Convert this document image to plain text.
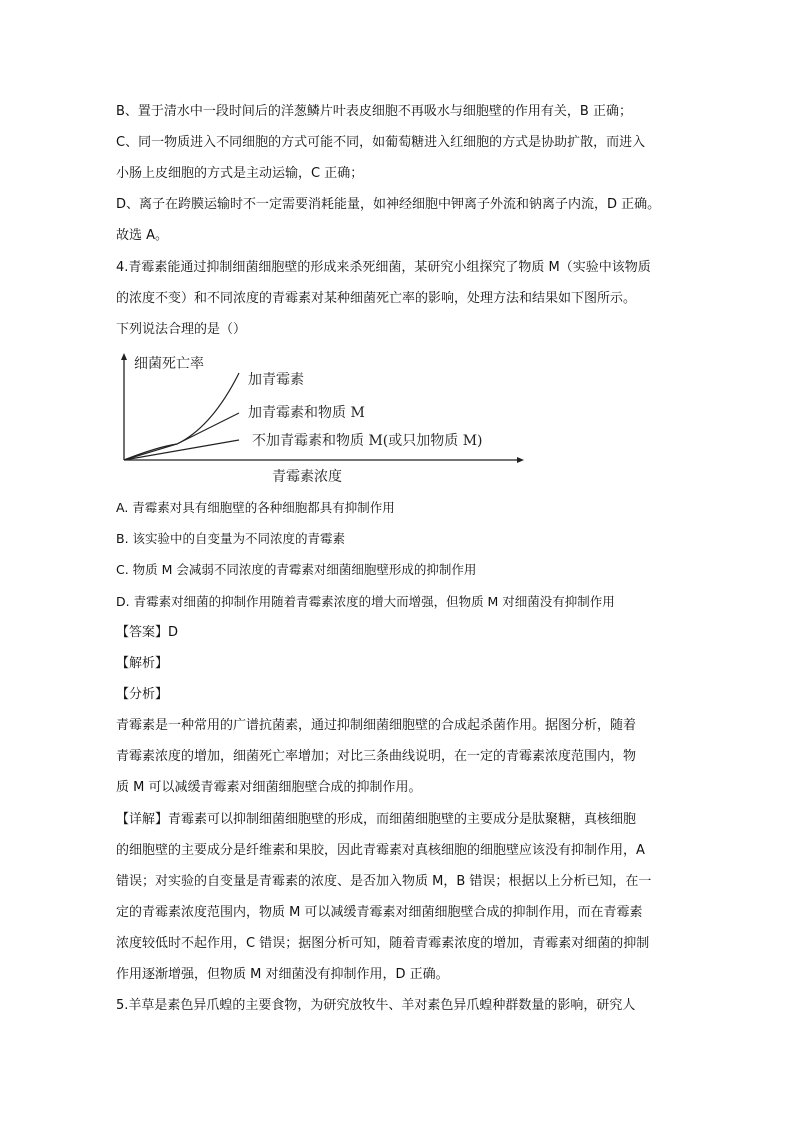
B、置于清水中一段时间后的洋葱鳞片叶表皮细胞不再吸水与细胞壁的作用有关，B 正确；
C、同一物质进入不同细胞的方式可能不同，如葡萄糖进入红细胞的方式是协助扩散，而进入
小肠上皮细胞的方式是主动运输，C 正确；
D、离子在跨膜运输时不一定需要消耗能量，如神经细胞中钾离子外流和钠离子内流，D 正确。
故选 A。
4.青霉素能通过抑制细菌细胞壁的形成来杀死细菌，某研究小组探究了物质 M（实验中该物质
的浓度不变）和不同浓度的青霉素对某种细菌死亡率的影响，处理方法和结果如下图所示。
下列说法合理的是（）
细菌死亡率
加青霉素
加青霉素和物质 M
不加青霉素和物质 M(或只加物质 M)
青霉素浓度
A. 青霉素对具有细胞壁的各种细胞都具有抑制作用
B. 该实验中的自变量为不同浓度的青霉素
C. 物质 M 会减弱不同浓度的青霉素对细菌细胞壁形成的抑制作用
D. 青霉素对细菌的抑制作用随着青霉素浓度的增大而增强，但物质 M 对细菌没有抑制作用
【答案】D
【解析】
【分析】
青霉素是一种常用的广谱抗菌素，通过抑制细菌细胞壁的合成起杀菌作用。据图分析，随着
青霉素浓度的增加，细菌死亡率增加；对比三条曲线说明，在一定的青霉素浓度范围内，物
质 M 可以减缓青霉素对细菌细胞壁合成的抑制作用。
【详解】青霉素可以抑制细菌细胞壁的形成，而细菌细胞壁的主要成分是肽聚糖，真核细胞
的细胞壁的主要成分是纤维素和果胶，因此青霉素对真核细胞的细胞壁应该没有抑制作用，A
错误；对实验的自变量是青霉素的浓度、是否加入物质 M，B 错误；根据以上分析已知，在一
定的青霉素浓度范围内，物质 M 可以减缓青霉素对细菌细胞壁合成的抑制作用，而在青霉素
浓度较低时不起作用，C 错误；据图分析可知，随着青霉素浓度的增加，青霉素对细菌的抑制
作用逐渐增强，但物质 M 对细菌没有抑制作用，D 正确。
5.羊草是素色异爪蝗的主要食物，为研究放牧牛、羊对素色异爪蝗种群数量的影响，研究人
